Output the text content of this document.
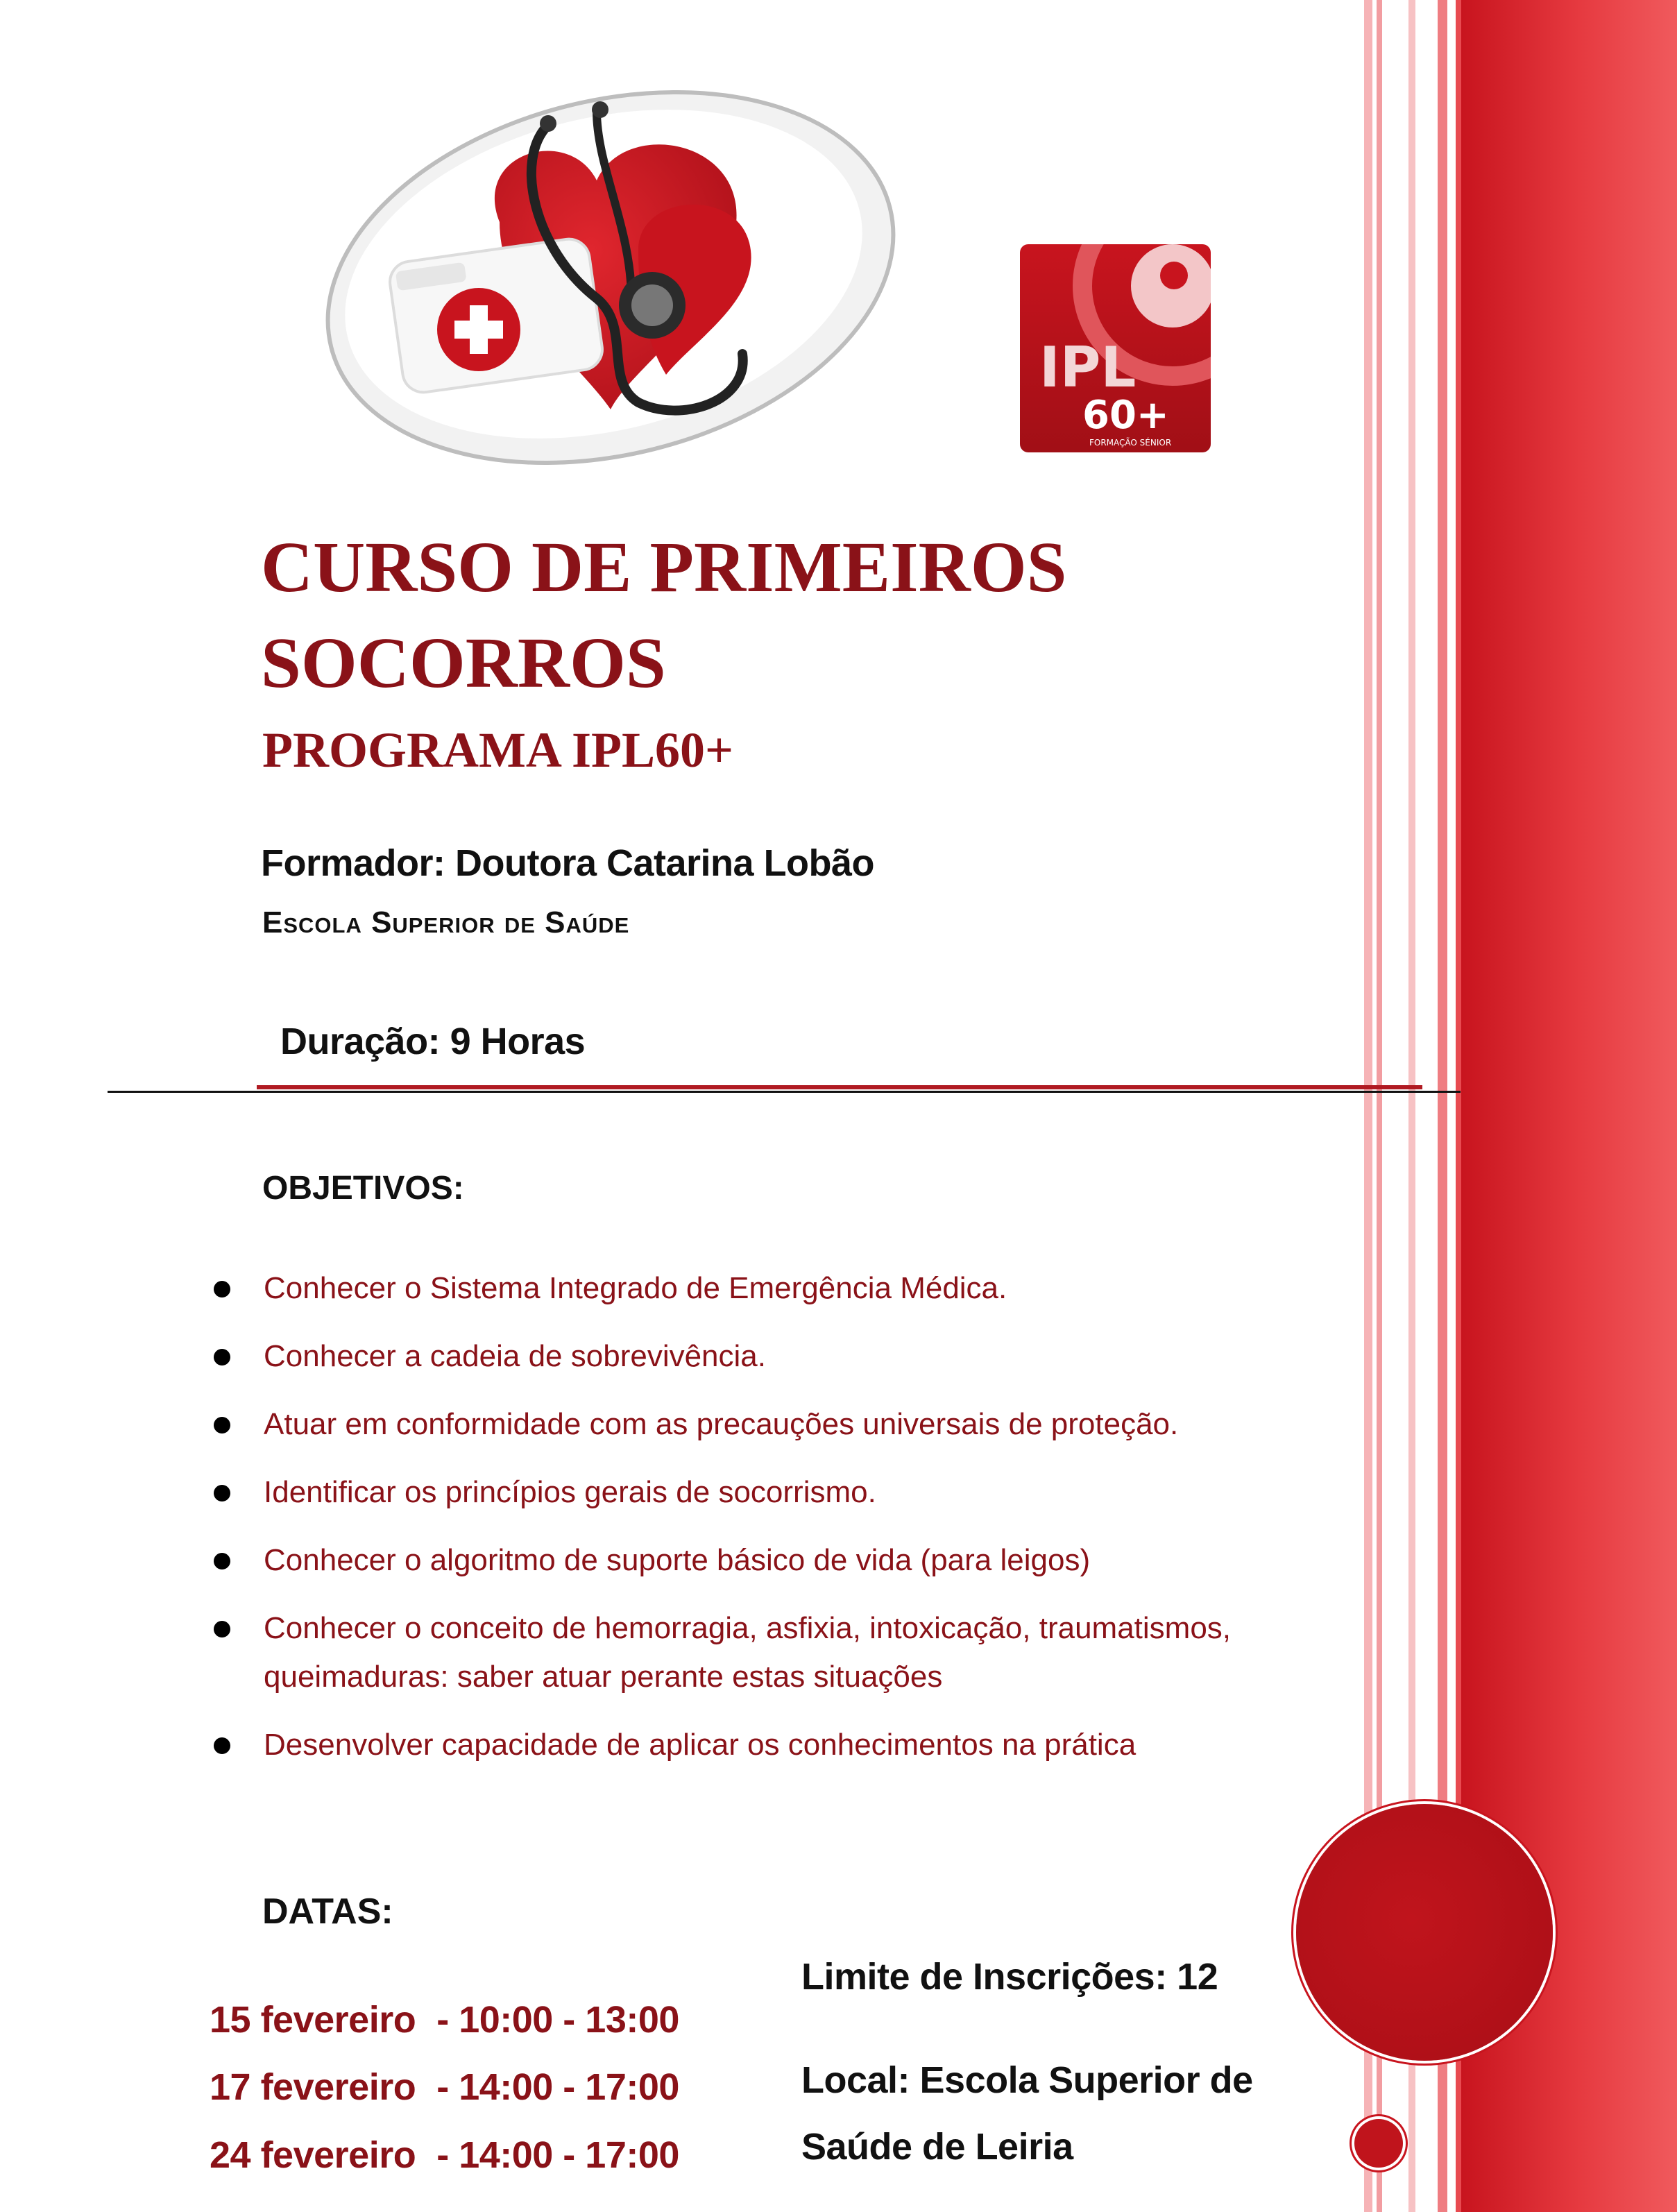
IPL
60+
FORMAÇÃO SÉNIOR
CURSO DE PRIMEIROS
SOCORROS
PROGRAMA IPL60+
Formador: Doutora Catarina Lobão
Escola Superior de Saúde
Duração: 9 Horas
OBJETIVOS:
Conhecer o Sistema Integrado de Emergência Médica.
Conhecer a cadeia de sobrevivência.
Atuar em conformidade com as precauções universais de proteção.
Identificar os princípios gerais de socorrismo.
Conhecer o algoritmo de suporte básico de vida (para leigos)
Conhecer o conceito de hemorragia, asfixia, intoxicação, traumatismos, queimaduras: saber atuar perante estas situações
Desenvolver capacidade de aplicar os conhecimentos na prática
DATAS:
15 fevereiro - 10:00 - 13:00
17 fevereiro - 14:00 - 17:00
24 fevereiro - 14:00 - 17:00
Limite de Inscrições: 12
Local: Escola Superior de Saúde de Leiria
